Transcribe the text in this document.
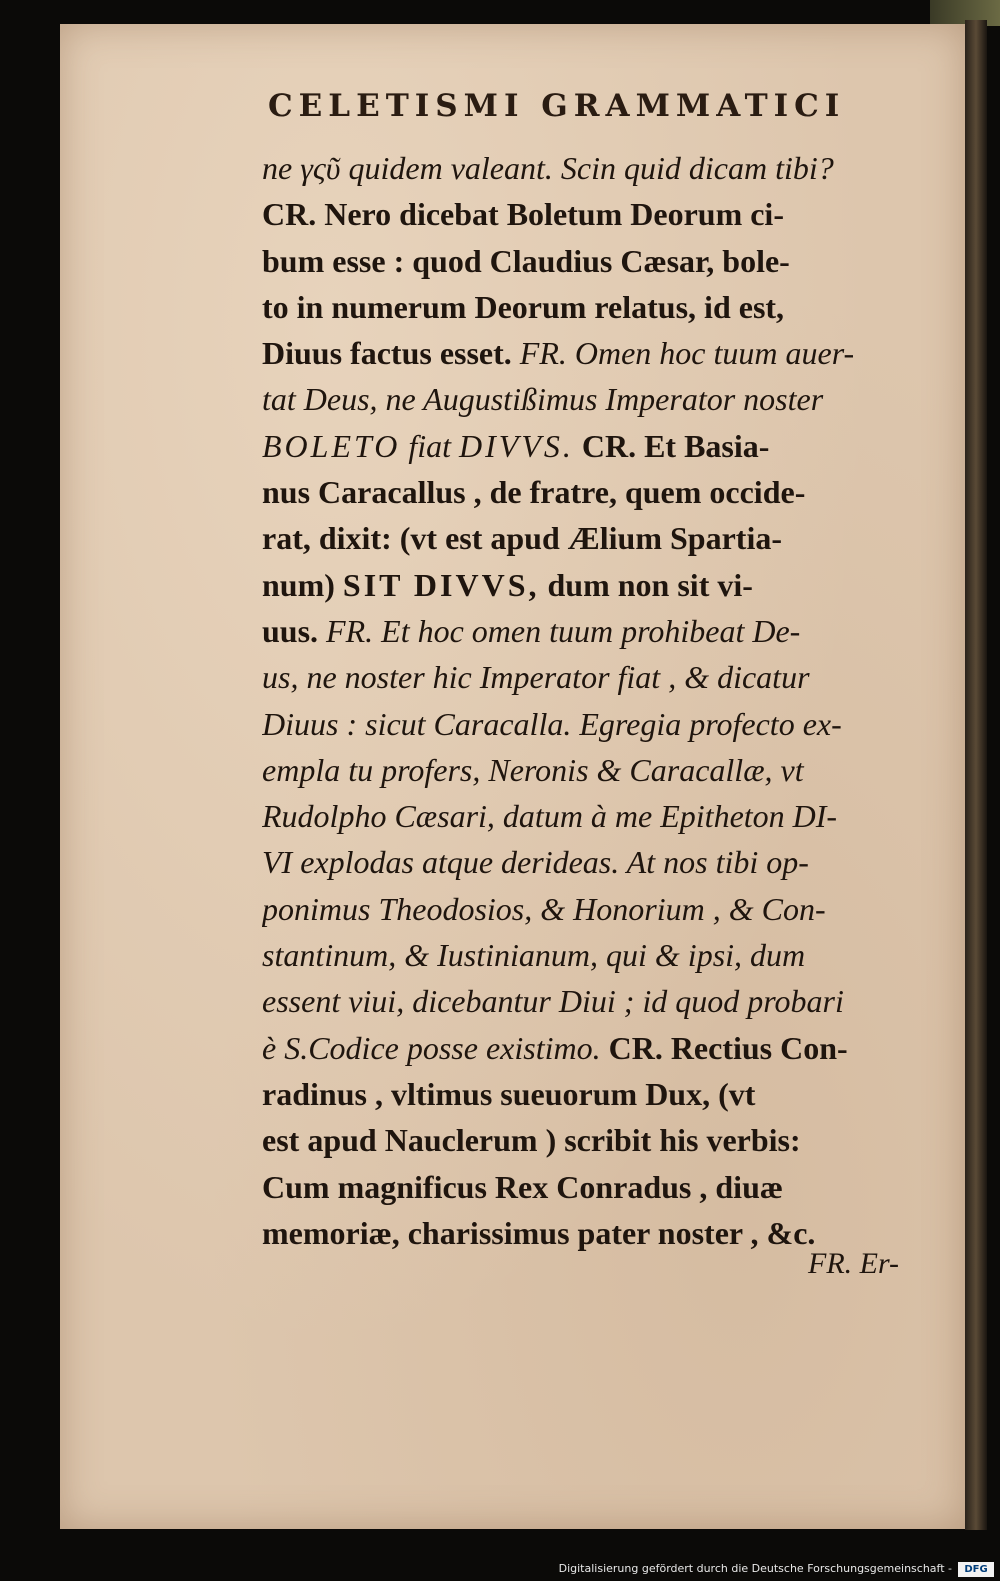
CELETISMI GRAMMATICI
ne γςῦ quidem valeant. Scin quid dicam tibi?
CR. Nero dicebat Boletum Deorum ci-
bum esse : quod Claudius Cæsar, bole-
to in numerum Deorum relatus, id est,
Diuus factus esset. FR. Omen hoc tuum auer-
tat Deus, ne Augustißimus Imperator noster
BOLETO fiat DIVVS. CR. Et Basia-
nus Caracallus , de fratre, quem occide-
rat, dixit: (vt est apud Ælium Spartia-
num) SIT DIVVS, dum non sit vi-
uus. FR. Et hoc omen tuum prohibeat De-
us, ne noster hic Imperator fiat , & dicatur
Diuus : sicut Caracalla. Egregia profecto ex-
empla tu profers, Neronis & Caracallæ, vt
Rudolpho Cæsari, datum à me Epitheton DI-
VI explodas atque derideas. At nos tibi op-
ponimus Theodosios, & Honorium , & Con-
stantinum, & Iustinianum, qui & ipsi, dum
essent viui, dicebantur Diui ; id quod probari
è S.Codice posse existimo. CR. Rectius Con-
radinus , vltimus sueuorum Dux, (vt
est apud Nauclerum ) scribit his verbis:
Cum magnificus Rex Conradus , diuæ
memoriæ, charissimus pater noster , &c.
FR. Er-
Digitalisierung gefördert durch die Deutsche Forschungsgemeinschaft -	DFG
